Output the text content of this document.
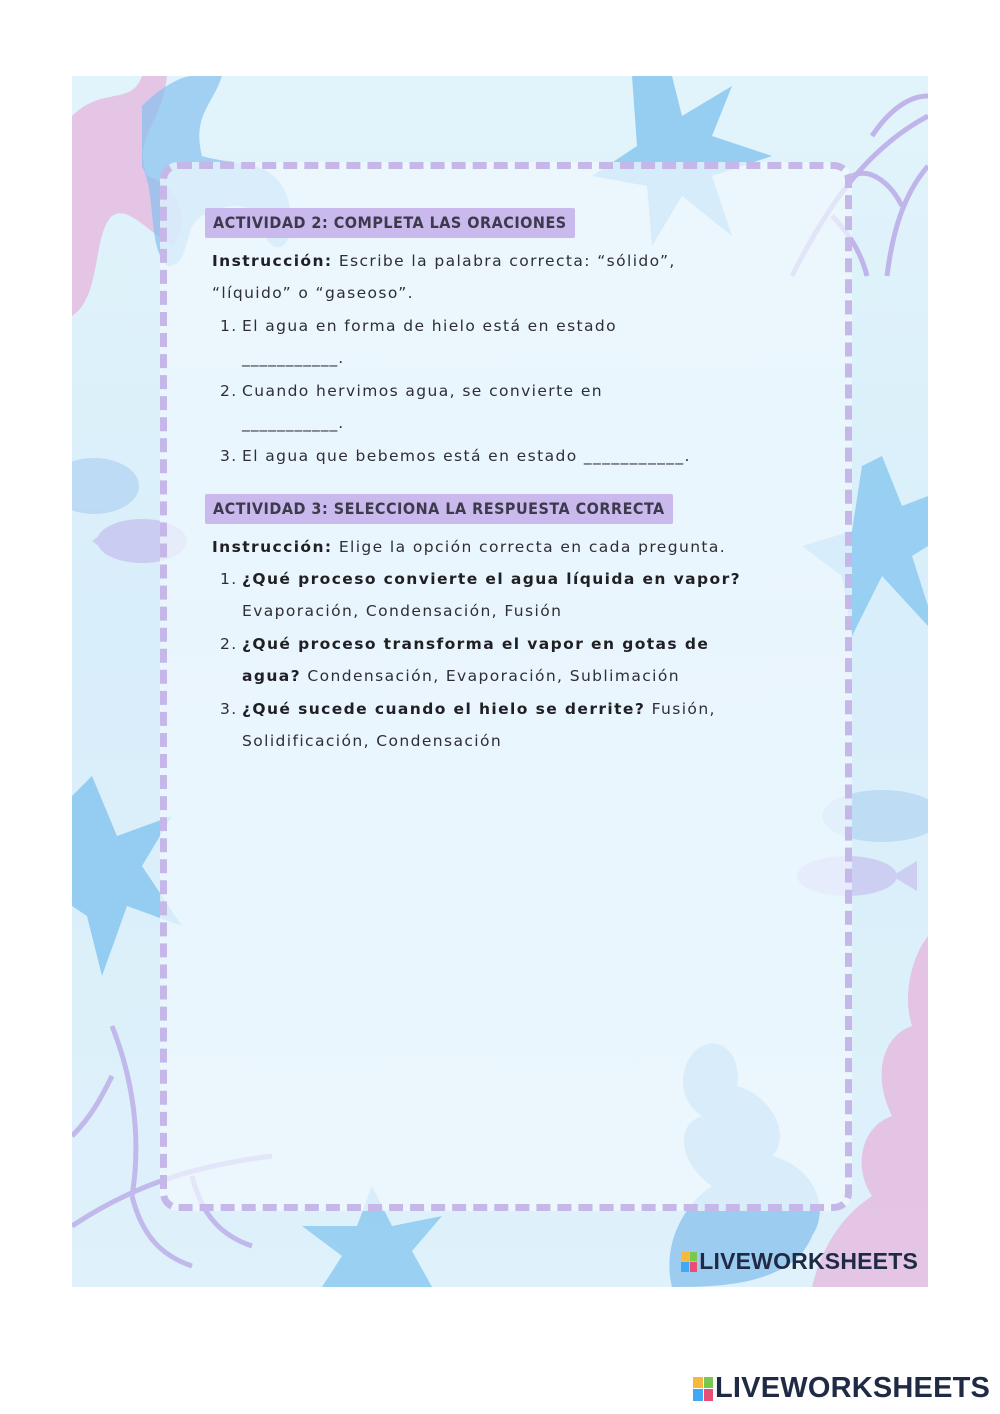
ACTIVIDAD 2: COMPLETA LAS ORACIONES
Instrucción: Escribe la palabra correcta: “sólido”,
“líquido” o “gaseoso”.
1. El agua en forma de hielo está en estado
___________.
2. Cuando hervimos agua, se convierte en
___________.
3. El agua que bebemos está en estado ___________.
ACTIVIDAD 3: SELECCIONA LA RESPUESTA CORRECTA
Instrucción: Elige la opción correcta en cada pregunta.
1. ¿Qué proceso convierte el agua líquida en vapor?
Evaporación, Condensación, Fusión
2. ¿Qué proceso transforma el vapor en gotas de
agua? Condensación, Evaporación, Sublimación
3. ¿Qué sucede cuando el hielo se derrite? Fusión,
Solidificación, Condensación
LIVEWORKSHEETS
LIVEWORKSHEETS
